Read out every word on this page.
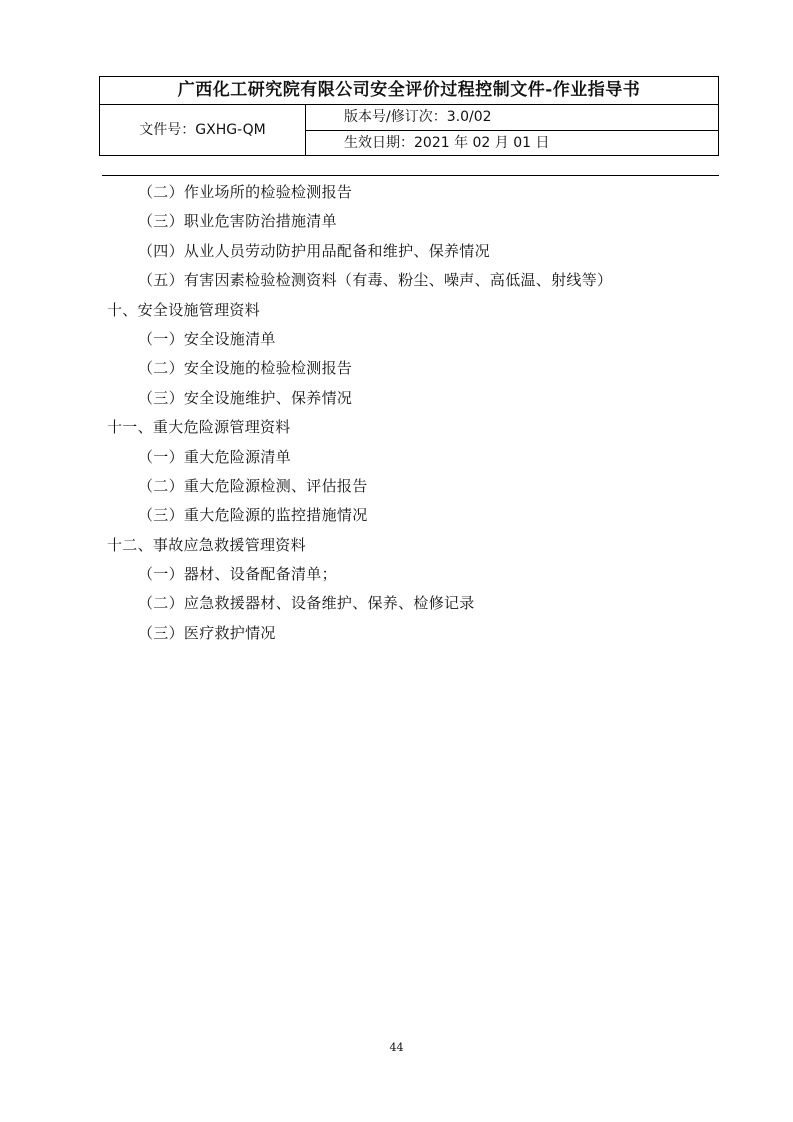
广西化工研究院有限公司安全评价过程控制文件-作业指导书
文件号：GXHG-QM
版本号/修订次：3.0/02
生效日期：2021 年 02 月 01 日
（二）作业场所的检验检测报告
（三）职业危害防治措施清单
（四）从业人员劳动防护用品配备和维护、保养情况
（五）有害因素检验检测资料（有毒、粉尘、噪声、高低温、射线等）
十、安全设施管理资料
（一）安全设施清单
（二）安全设施的检验检测报告
（三）安全设施维护、保养情况
十一、重大危险源管理资料
（一）重大危险源清单
（二）重大危险源检测、评估报告
（三）重大危险源的监控措施情况
十二、事故应急救援管理资料
（一）器材、设备配备清单；
（二）应急救援器材、设备维护、保养、检修记录
（三）医疗救护情况
44
